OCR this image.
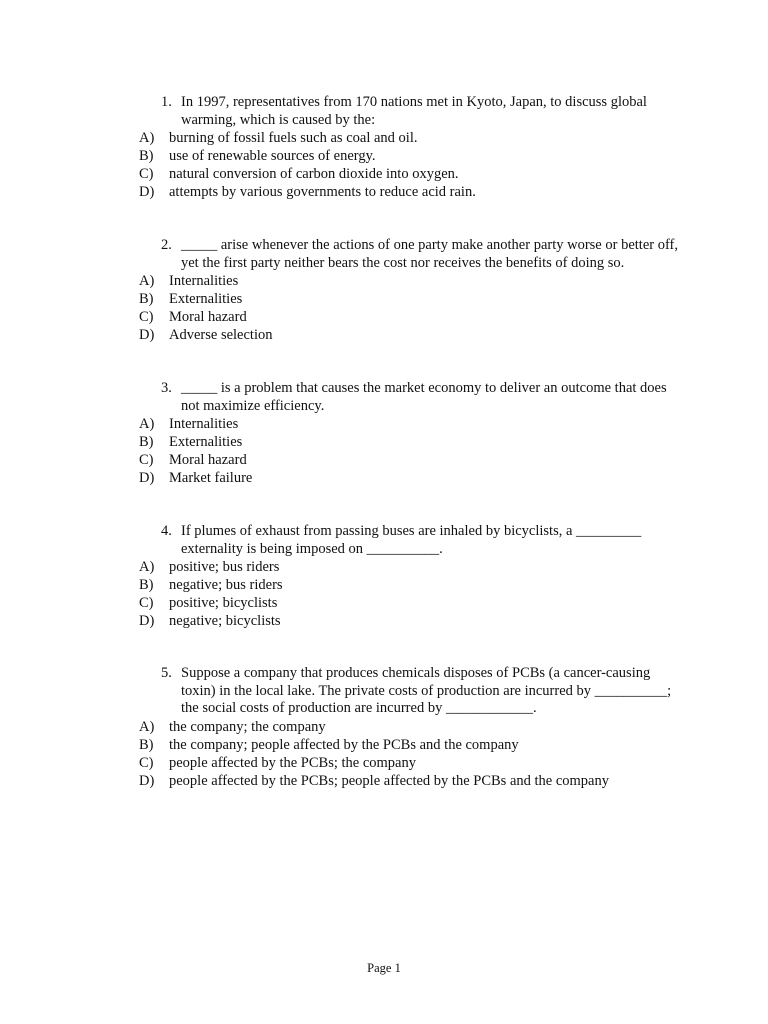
1. In 1997, representatives from 170 nations met in Kyoto, Japan, to discuss global warming, which is caused by the:
A) burning of fossil fuels such as coal and oil.
B) use of renewable sources of energy.
C) natural conversion of carbon dioxide into oxygen.
D) attempts by various governments to reduce acid rain.
2. _____ arise whenever the actions of one party make another party worse or better off, yet the first party neither bears the cost nor receives the benefits of doing so.
A) Internalities
B) Externalities
C) Moral hazard
D) Adverse selection
3. _____ is a problem that causes the market economy to deliver an outcome that does not maximize efficiency.
A) Internalities
B) Externalities
C) Moral hazard
D) Market failure
4. If plumes of exhaust from passing buses are inhaled by bicyclists, a _________ externality is being imposed on __________.
A) positive; bus riders
B) negative; bus riders
C) positive; bicyclists
D) negative; bicyclists
5. Suppose a company that produces chemicals disposes of PCBs (a cancer-causing toxin) in the local lake. The private costs of production are incurred by __________; the social costs of production are incurred by ____________.
A) the company; the company
B) the company; people affected by the PCBs and the company
C) people affected by the PCBs; the company
D) people affected by the PCBs; people affected by the PCBs and the company
Page 1
